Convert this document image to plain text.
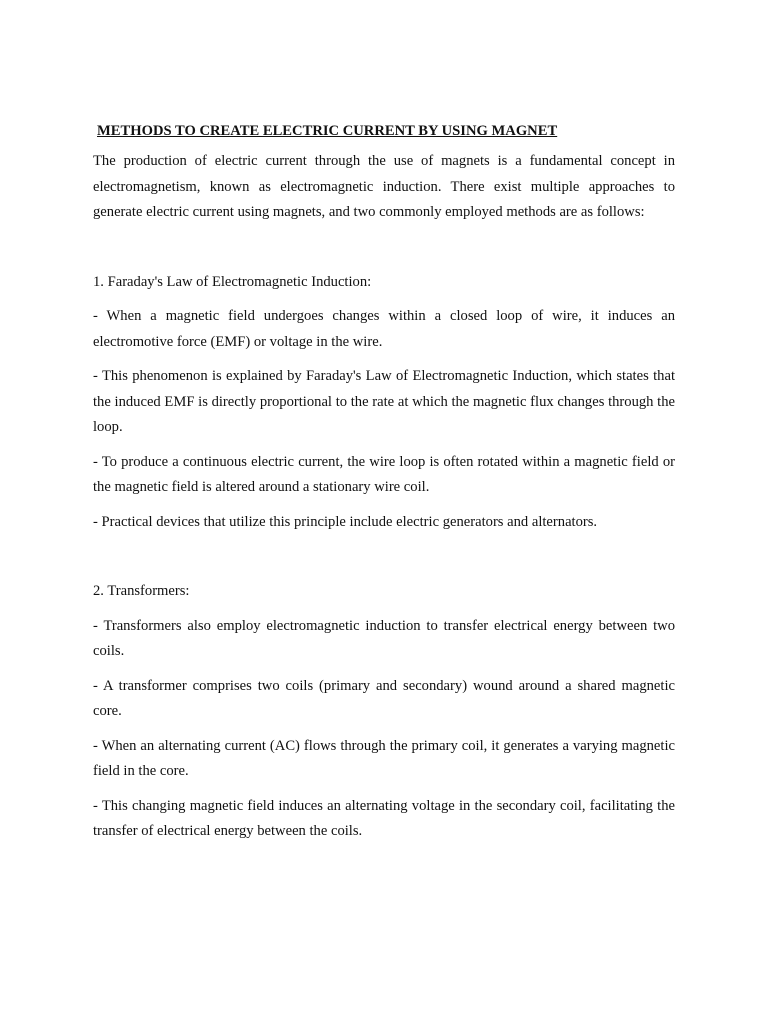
METHODS TO CREATE ELECTRIC CURRENT BY USING MAGNET

The production of electric current through the use of magnets is a fundamental concept in electromagnetism, known as electromagnetic induction. There exist multiple approaches to generate electric current using magnets, and two commonly employed methods are as follows:

1. Faraday's Law of Electromagnetic Induction:

- When a magnetic field undergoes changes within a closed loop of wire, it induces an electromotive force (EMF) or voltage in the wire.

- This phenomenon is explained by Faraday's Law of Electromagnetic Induction, which states that the induced EMF is directly proportional to the rate at which the magnetic flux changes through the loop.

- To produce a continuous electric current, the wire loop is often rotated within a magnetic field or the magnetic field is altered around a stationary wire coil.

- Practical devices that utilize this principle include electric generators and alternators.

2. Transformers:

- Transformers also employ electromagnetic induction to transfer electrical energy between two coils.

- A transformer comprises two coils (primary and secondary) wound around a shared magnetic core.

- When an alternating current (AC) flows through the primary coil, it generates a varying magnetic field in the core.

- This changing magnetic field induces an alternating voltage in the secondary coil, facilitating the transfer of electrical energy between the coils.
